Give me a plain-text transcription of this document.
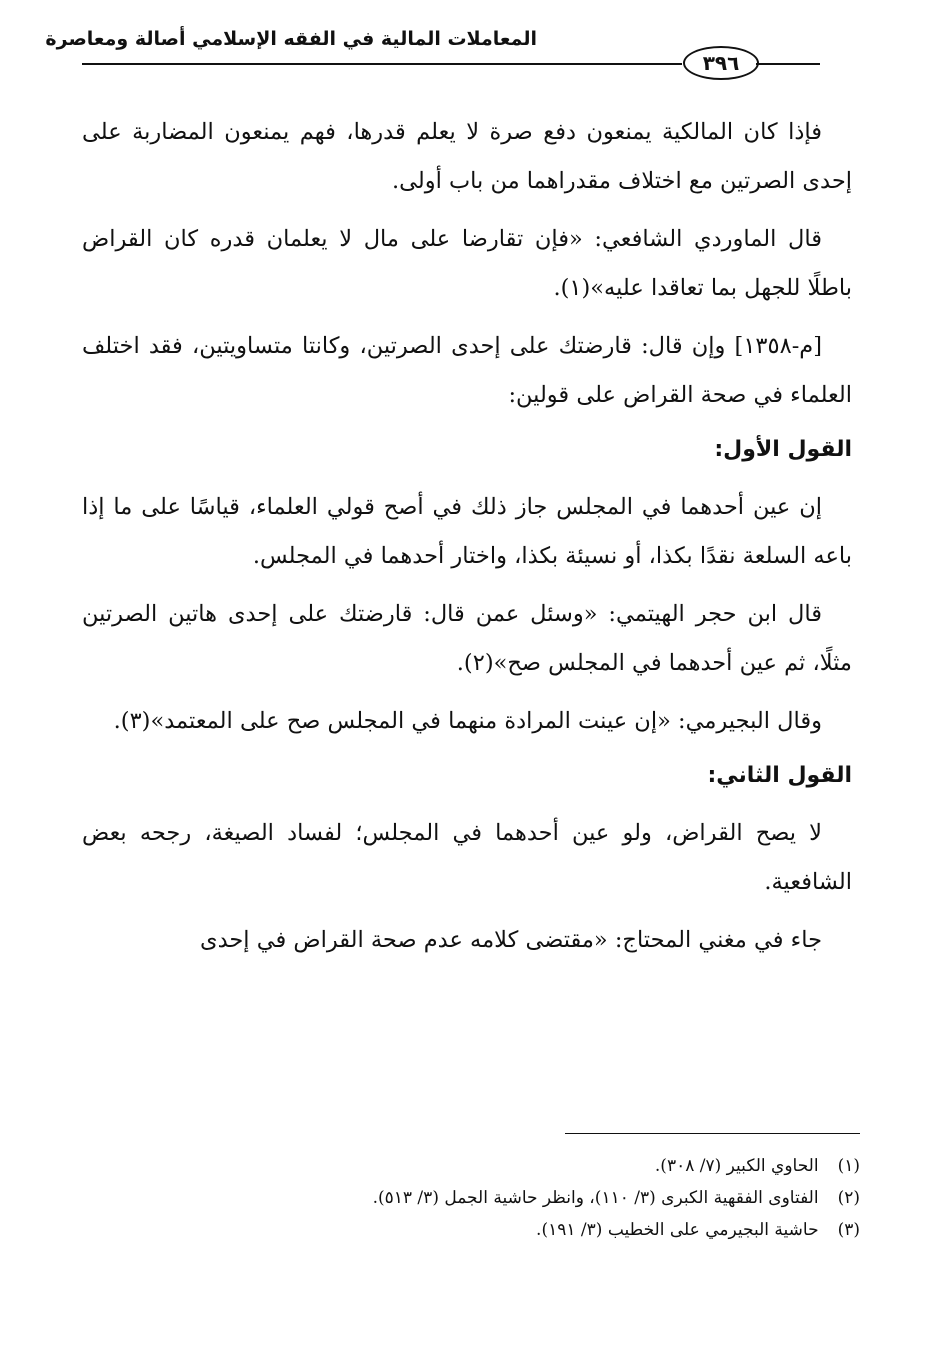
المعاملات المالية في الفقه الإسلامي أصالة ومعاصرة
٣٩٦

فإذا كان المالكية يمنعون دفع صرة لا يعلم قدرها، فهم يمنعون المضاربة على إحدى الصرتين مع اختلاف مقدراهما من باب أولى.

قال الماوردي الشافعي: «فإن تقارضا على مال لا يعلمان قدره كان القراض باطلًا للجهل بما تعاقدا عليه»(١).

[م-١٣٥٨] وإن قال: قارضتك على إحدى الصرتين، وكانتا متساويتين، فقد اختلف العلماء في صحة القراض على قولين:

القول الأول:

إن عين أحدهما في المجلس جاز ذلك في أصح قولي العلماء، قياسًا على ما إذا باعه السلعة نقدًا بكذا، أو نسيئة بكذا، واختار أحدهما في المجلس.

قال ابن حجر الهيتمي: «وسئل عمن قال: قارضتك على إحدى هاتين الصرتين مثلًا، ثم عين أحدهما في المجلس صح»(٢).

وقال البجيرمي: «إن عينت المرادة منهما في المجلس صح على المعتمد»(٣).

القول الثاني:

لا يصح القراض، ولو عين أحدهما في المجلس؛ لفساد الصيغة، رجحه بعض الشافعية.

جاء في مغني المحتاج: «مقتضى كلامه عدم صحة القراض في إحدى

(١) الحاوي الكبير (٧/ ٣٠٨).

(٢) الفتاوى الفقهية الكبرى (٣/ ١١٠)، وانظر حاشية الجمل (٣/ ٥١٣).

(٣) حاشية البجيرمي على الخطيب (٣/ ١٩١).
